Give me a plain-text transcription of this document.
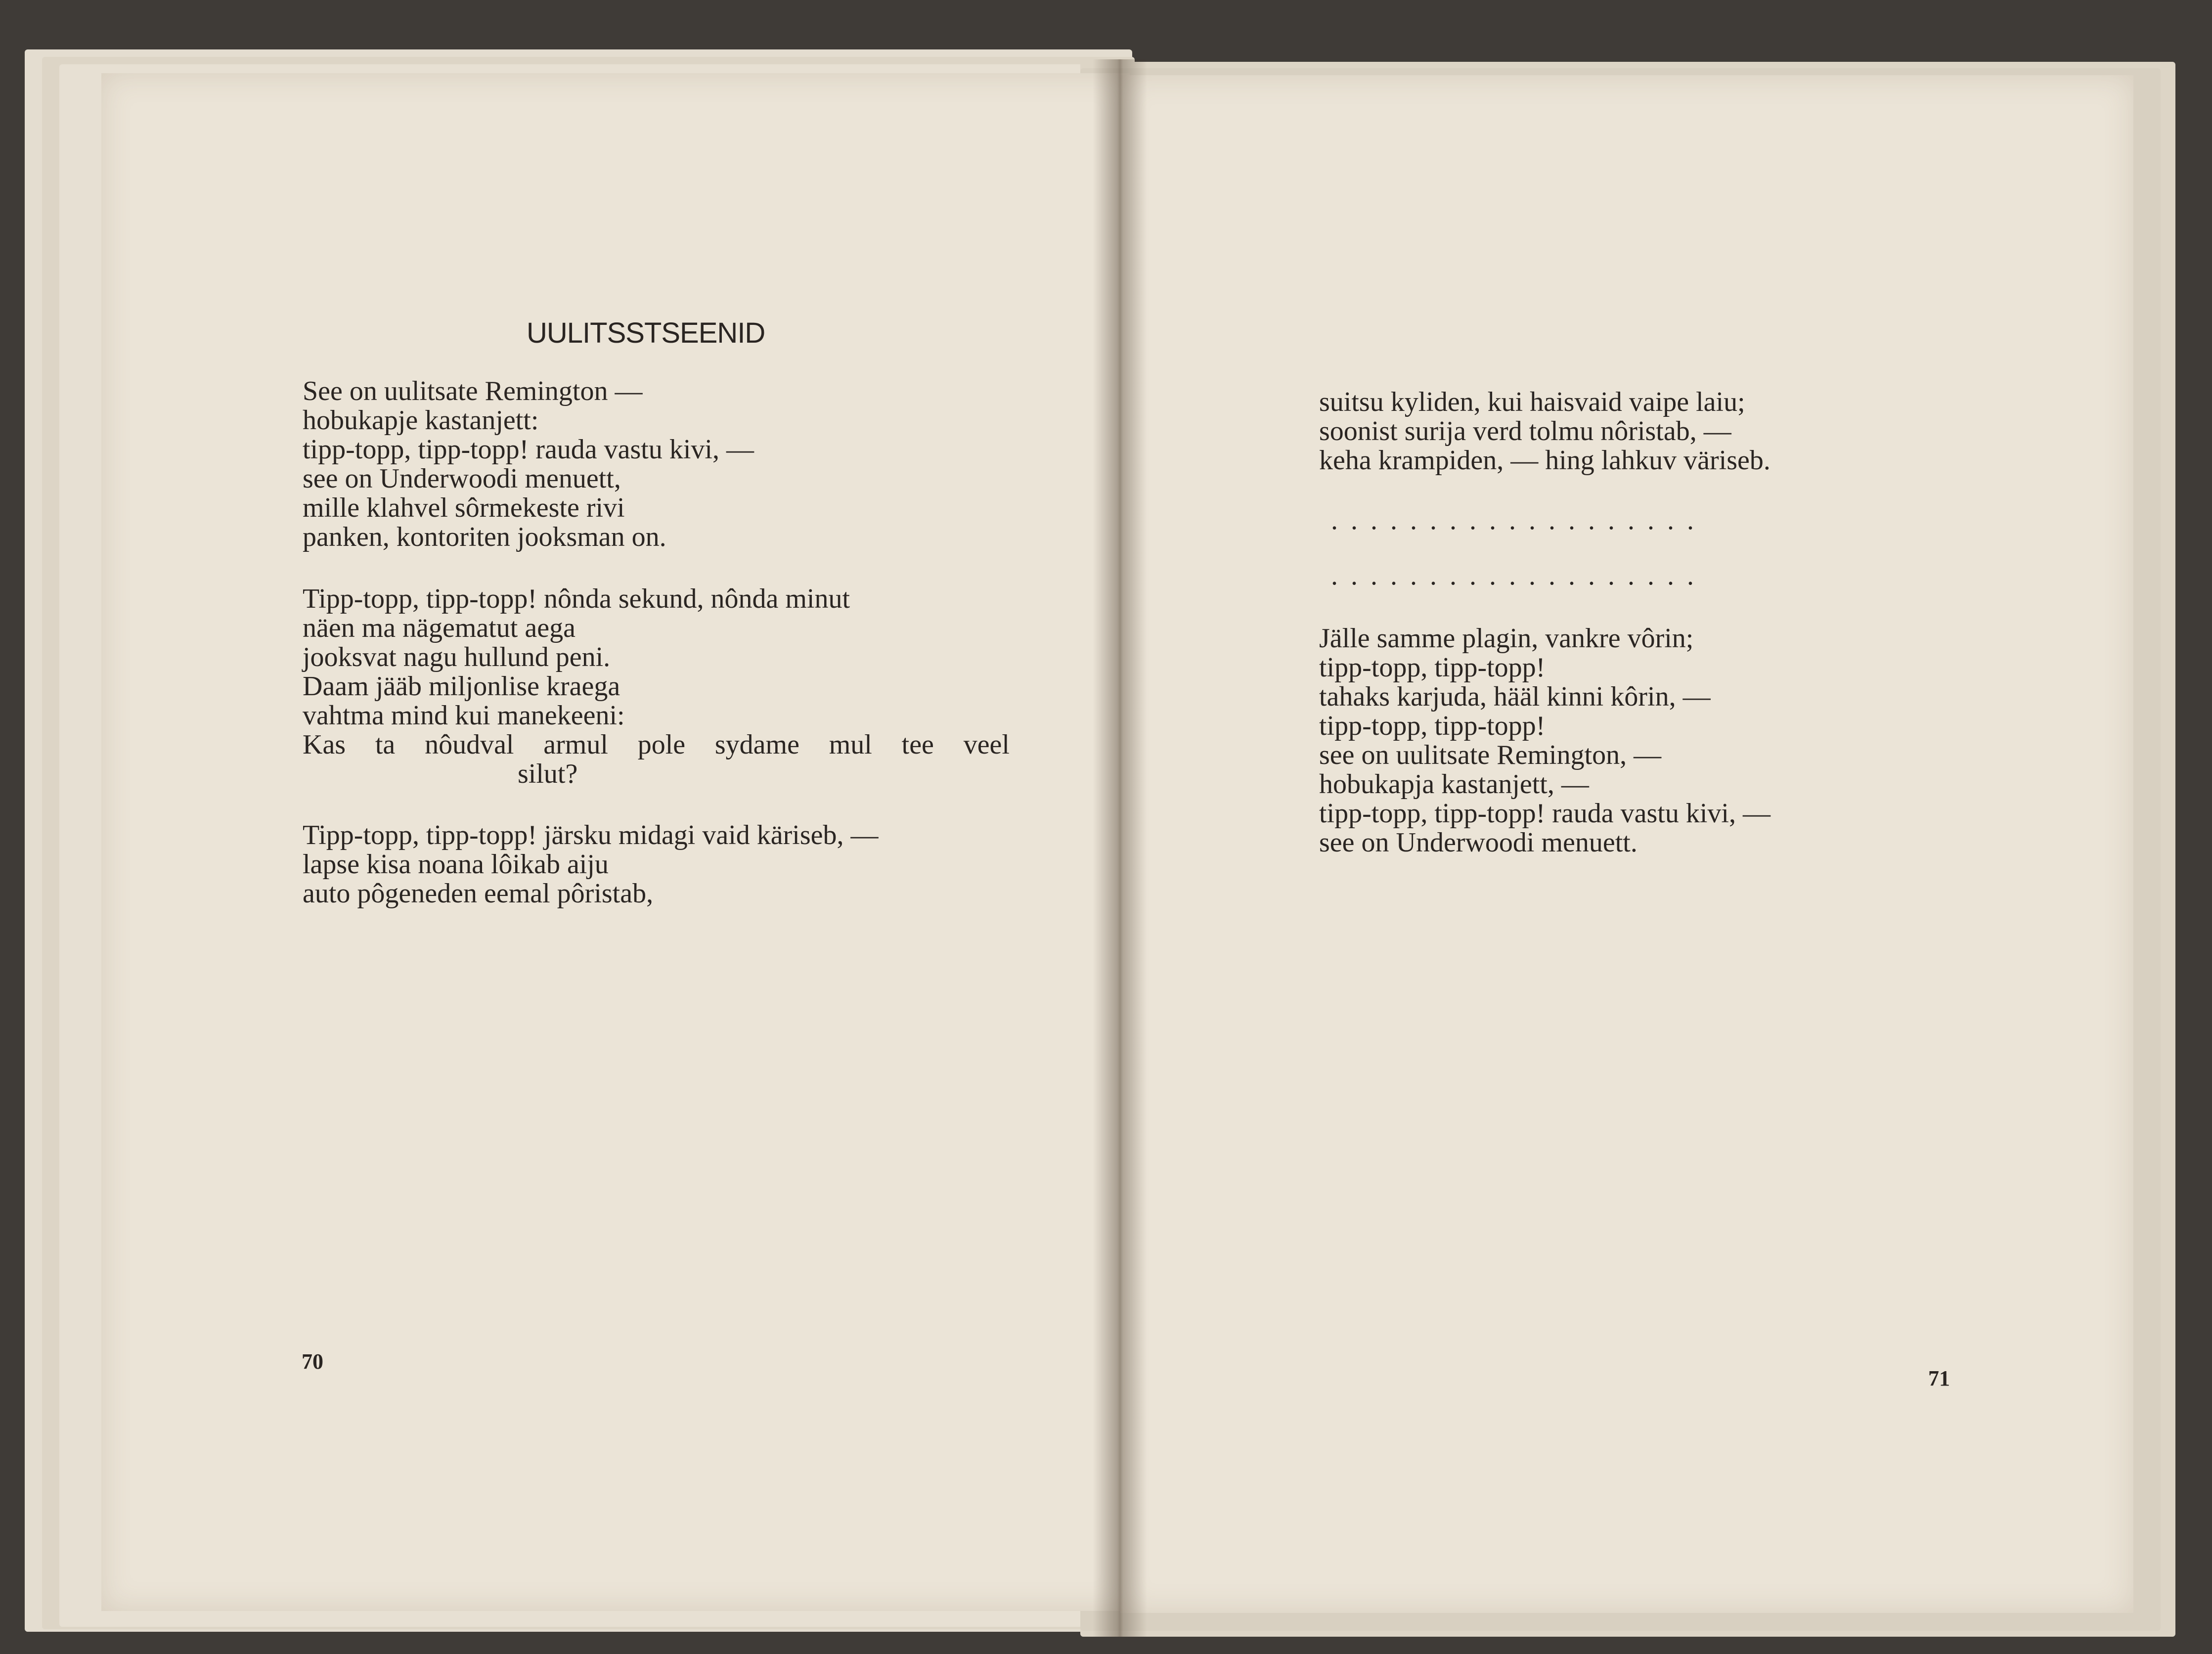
UULITSSTSEENID
See on uulitsate Remington —
hobukapje kastanjett:
tipp-topp, tipp-topp! rauda vastu kivi, —
see on Underwoodi menuett,
mille klahvel sôrmekeste rivi
panken, kontoriten jooksman on.
Tipp-topp, tipp-topp! nônda sekund, nônda minut
näen ma nägematut aega
jooksvat nagu hullund peni.
Daam jääb miljonlise kraega
vahtma mind kui manekeeni:
Kas ta nôudval armul pole sydame mul tee veel
silut?
Tipp-topp, tipp-topp! järsku midagi vaid käriseb, —
lapse kisa noana lôikab aiju
auto pôgeneden eemal pôristab,
70
suitsu kyliden, kui haisvaid vaipe laiu;
soonist surija verd tolmu nôristab, —
keha krampiden, — hing lahkuv väriseb.
...................
...................
Jälle samme plagin, vankre vôrin;
tipp-topp, tipp-topp!
tahaks karjuda, hääl kinni kôrin, —
tipp-topp, tipp-topp!
see on uulitsate Remington, —
hobukapja kastanjett, —
tipp-topp, tipp-topp! rauda vastu kivi, —
see on Underwoodi menuett.
71
